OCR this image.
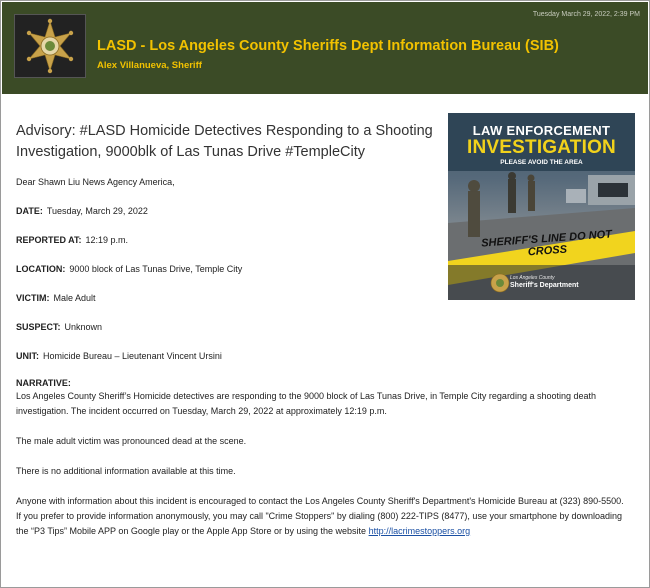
Tuesday March 29, 2022, 2:39 PM
LASD - Los Angeles County Sheriffs Dept Information Bureau (SIB)
Alex Villanueva, Sheriff
LAW ENFORCEMENT
INVESTIGATION
PLEASE AVOID THE AREA
SHERIFF'S LINE DO NOT CROSS
Los Angeles County
Sheriff's Department

Advisory: #LASD Homicide Detectives Responding to a Shooting Investigation, 9000blk of Las Tunas Drive #TempleCity

Dear Shawn Liu News Agency America,
DATE: Tuesday, March 29, 2022
REPORTED AT: 12:19 p.m.
LOCATION: 9000 block of Las Tunas Drive, Temple City
VICTIM: Male Adult
SUSPECT: Unknown
UNIT: Homicide Bureau – Lieutenant Vincent Ursini
NARRATIVE:

Los Angeles County Sheriff’s Homicide detectives are responding to the 9000 block of Las Tunas Drive, in Temple City regarding a shooting death investigation. The incident occurred on Tuesday, March 29, 2022 at approximately 12:19 p.m.

The male adult victim was pronounced dead at the scene.

There is no additional information available at this time.

Anyone with information about this incident is encouraged to contact the Los Angeles County Sheriff's Department's Homicide Bureau at (323) 890-5500. If you prefer to provide information anonymously, you may call "Crime Stoppers" by dialing (800) 222-TIPS (8477), use your smartphone by downloading the “P3 Tips” Mobile APP on Google play or the Apple App Store or by using the website http://lacrimestoppers.org
